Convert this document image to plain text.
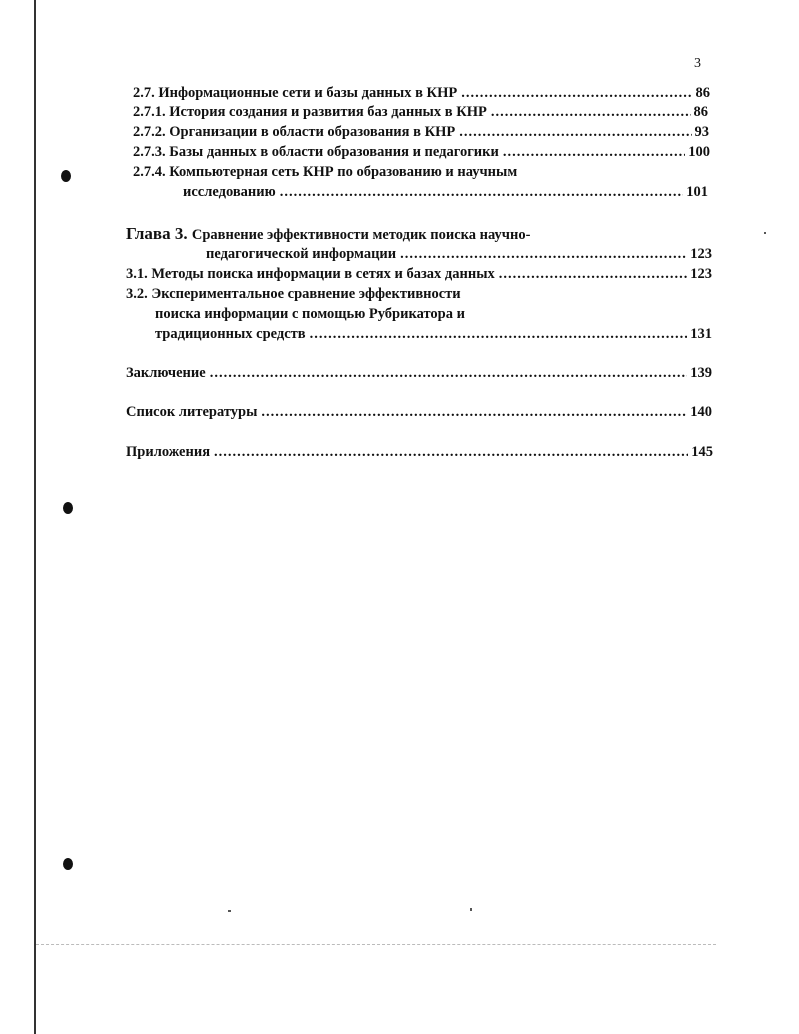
3
2.7. Информационные сети и базы данных в КНР .....	86
2.7.1. История создания и развития баз данных в КНР .....	86
2.7.2. Организации в области образования в КНР .....	93
2.7.3. Базы данных в области образования и педагогики .....	100
2.7.4. Компьютерная сеть КНР по образованию и научным
исследованию .....	101
Глава 3. Сравнение эффективности методик поиска научно-
педагогической информации .....	123
3.1. Методы поиска информации в сетях и базах данных .....	123
3.2. Экспериментальное сравнение эффективности
поиска информации с помощью Рубрикатора и
традиционных средств .....	131
Заключение .....	139
Список литературы .....	140
Приложения .....	145
